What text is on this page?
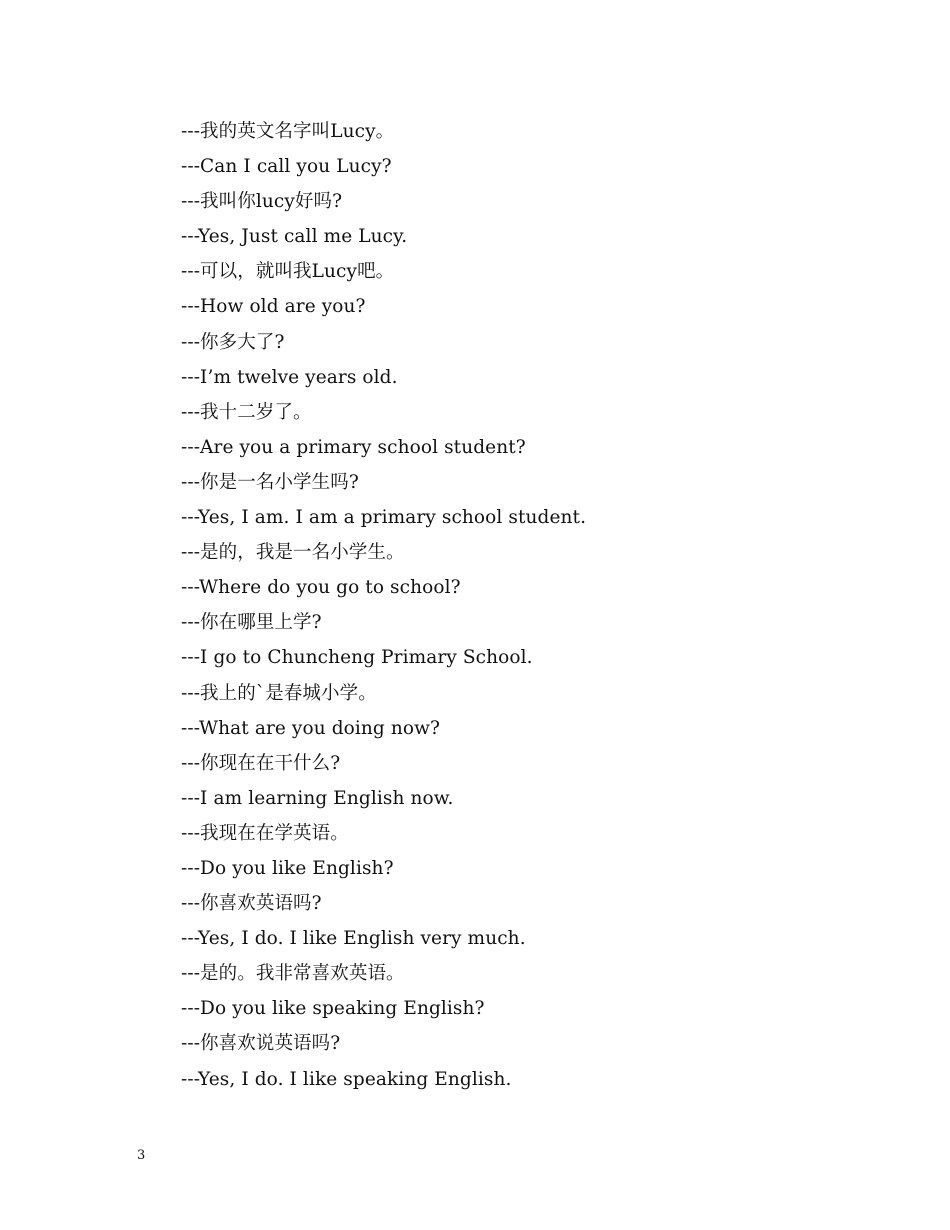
---我的英文名字叫Lucy。
---Can I call you Lucy?
---我叫你lucy好吗?
---Yes, Just call me Lucy.
---可以，就叫我Lucy吧。
---How old are you?
---你多大了?
---I’m twelve years old.
---我十二岁了。
---Are you a primary school student?
---你是一名小学生吗?
---Yes, I am. I am a primary school student.
---是的，我是一名小学生。
---Where do you go to school?
---你在哪里上学?
---I go to Chuncheng Primary School.
---我上的`是春城小学。
---What are you doing now?
---你现在在干什么?
---I am learning English now.
---我现在在学英语。
---Do you like English?
---你喜欢英语吗?
---Yes, I do. I like English very much.
---是的。我非常喜欢英语。
---Do you like speaking English?
---你喜欢说英语吗?
---Yes, I do. I like speaking English.
3
